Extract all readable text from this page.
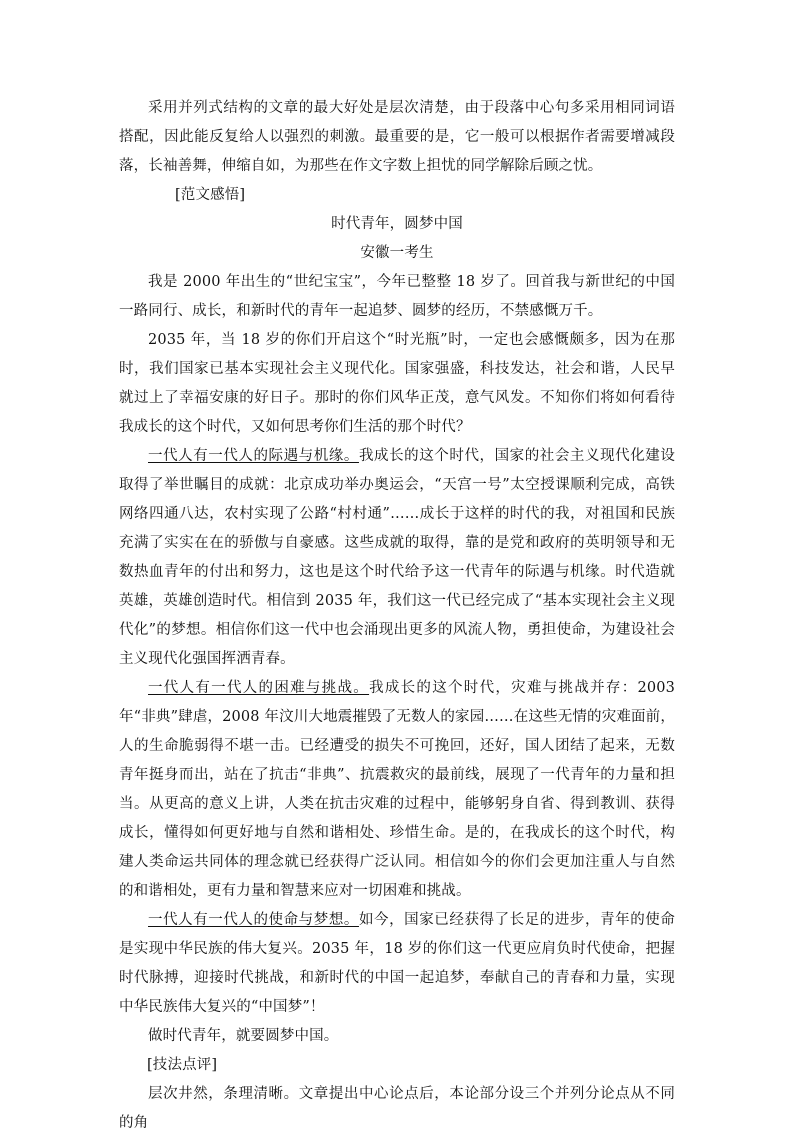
采用并列式结构的文章的最大好处是层次清楚，由于段落中心句多采用相同词语搭配，因此能反复给人以强烈的刺激。最重要的是，它一般可以根据作者需要增减段落，长袖善舞，伸缩自如，为那些在作文字数上担忧的同学解除后顾之忧。

[范文感悟]
时代青年，圆梦中国
安徽一考生

我是 2000 年出生的“世纪宝宝”，今年已整整 18 岁了。回首我与新世纪的中国一路同行、成长，和新时代的青年一起追梦、圆梦的经历，不禁感慨万千。

2035 年，当 18 岁的你们开启这个“时光瓶”时，一定也会感慨颇多，因为在那时，我们国家已基本实现社会主义现代化。国家强盛，科技发达，社会和谐，人民早就过上了幸福安康的好日子。那时的你们风华正茂，意气风发。不知你们将如何看待我成长的这个时代，又如何思考你们生活的那个时代？

一代人有一代人的际遇与机缘。我成长的这个时代，国家的社会主义现代化建设取得了举世瞩目的成就：北京成功举办奥运会，“天宫一号”太空授课顺利完成，高铁网络四通八达，农村实现了公路“村村通”……成长于这样的时代的我，对祖国和民族充满了实实在在的骄傲与自豪感。这些成就的取得，靠的是党和政府的英明领导和无数热血青年的付出和努力，这也是这个时代给予这一代青年的际遇与机缘。时代造就英雄，英雄创造时代。相信到 2035 年，我们这一代已经完成了“基本实现社会主义现代化”的梦想。相信你们这一代中也会涌现出更多的风流人物，勇担使命，为建设社会主义现代化强国挥洒青春。

一代人有一代人的困难与挑战。我成长的这个时代，灾难与挑战并存：2003 年“非典”肆虐，2008 年汶川大地震摧毁了无数人的家园……在这些无情的灾难面前，人的生命脆弱得不堪一击。已经遭受的损失不可挽回，还好，国人团结了起来，无数青年挺身而出，站在了抗击“非典”、抗震救灾的最前线，展现了一代青年的力量和担当。从更高的意义上讲，人类在抗击灾难的过程中，能够躬身自省、得到教训、获得成长，懂得如何更好地与自然和谐相处、珍惜生命。是的，在我成长的这个时代，构建人类命运共同体的理念就已经获得广泛认同。相信如今的你们会更加注重人与自然的和谐相处，更有力量和智慧来应对一切困难和挑战。

一代人有一代人的使命与梦想。如今，国家已经获得了长足的进步，青年的使命是实现中华民族的伟大复兴。2035 年，18 岁的你们这一代更应肩负时代使命，把握时代脉搏，迎接时代挑战，和新时代的中国一起追梦，奉献自己的青春和力量，实现中华民族伟大复兴的“中国梦”！

做时代青年，就要圆梦中国。

[技法点评]

层次井然，条理清晰。文章提出中心论点后，本论部分设三个并列分论点从不同的角
